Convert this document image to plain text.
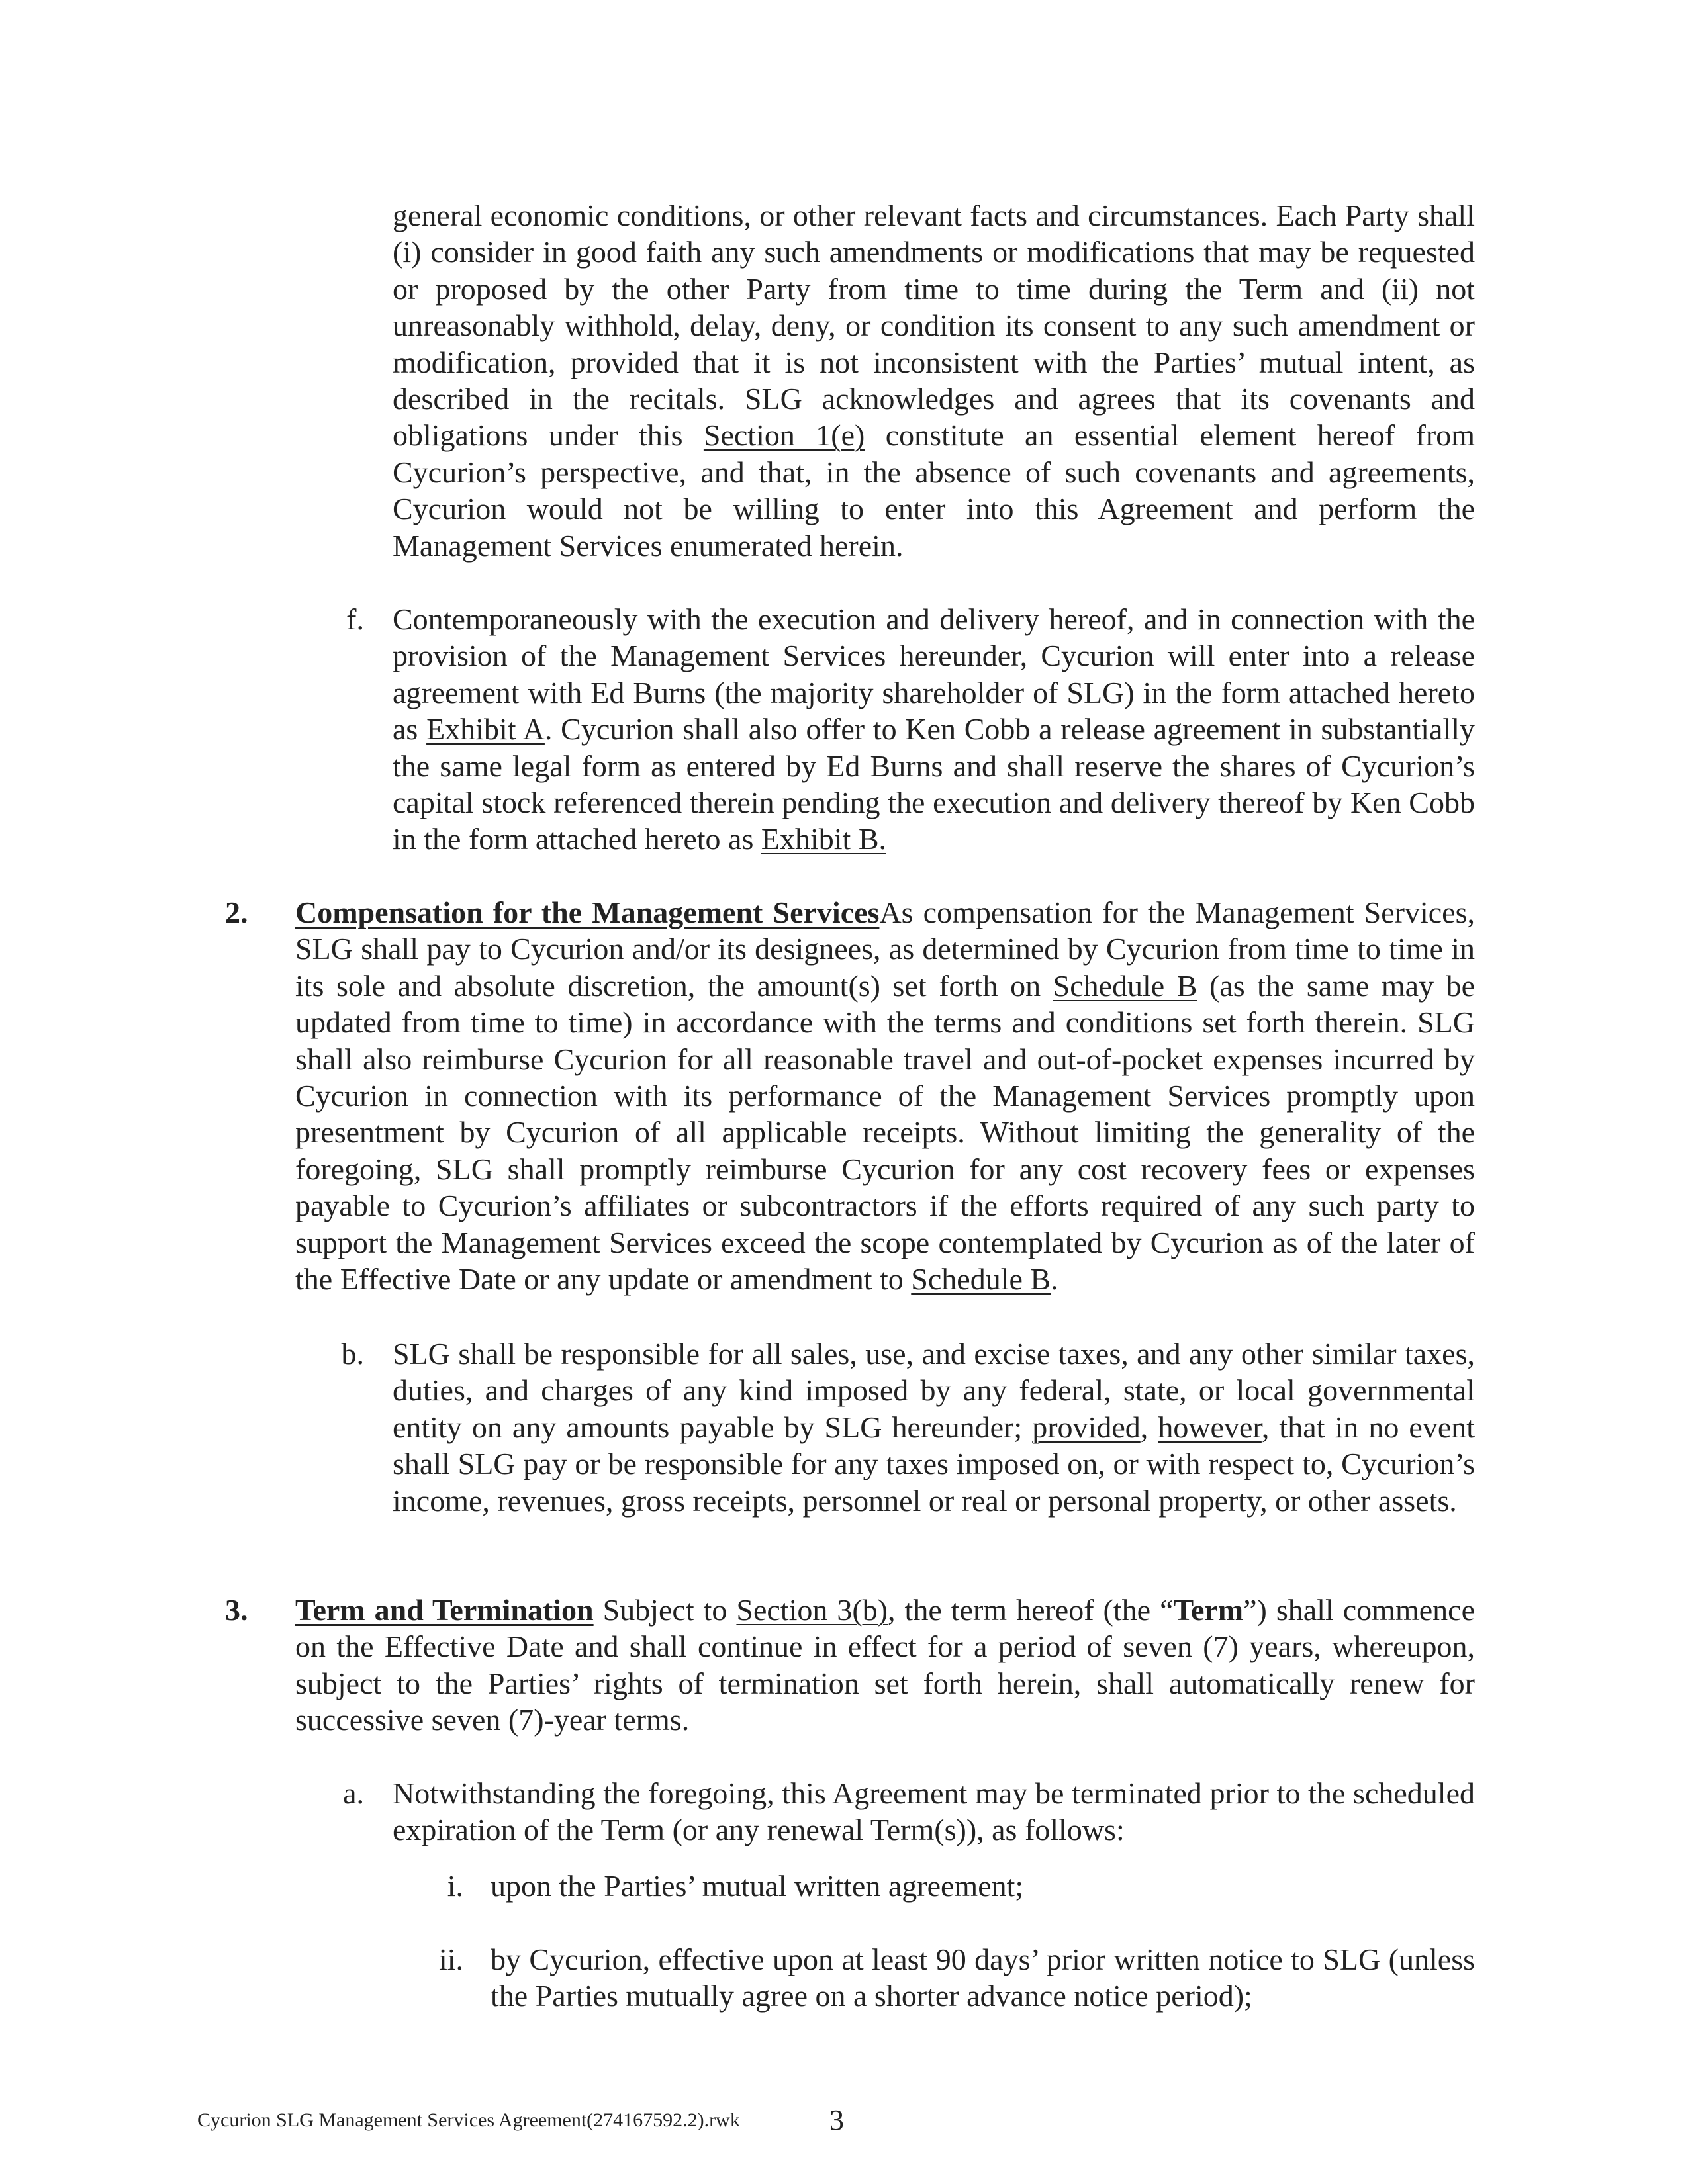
general economic conditions, or other relevant facts and circumstances. Each Party shall (i) consider in good faith any such amendments or modifications that may be requested or proposed by the other Party from time to time during the Term and (ii) not unreasonably withhold, delay, deny, or condition its consent to any such amendment or modification, provided that it is not inconsistent with the Parties’ mutual intent, as described in the recitals. SLG acknowledges and agrees that its covenants and obligations under this Section 1(e) constitute an essential element hereof from Cycurion’s perspective, and that, in the absence of such covenants and agreements, Cycurion would not be willing to enter into this Agreement and perform the Management Services enumerated herein.

f. Contemporaneously with the execution and delivery hereof, and in connection with the provision of the Management Services hereunder, Cycurion will enter into a release agreement with Ed Burns (the majority shareholder of SLG) in the form attached hereto as Exhibit A. Cycurion shall also offer to Ken Cobb a release agreement in substantially the same legal form as entered by Ed Burns and shall reserve the shares of Cycurion’s capital stock referenced therein pending the execution and delivery thereof by Ken Cobb in the form attached hereto as Exhibit B.

2.	Compensation for the Management ServicesAs compensation for the Management Services, SLG shall pay to Cycurion and/or its designees, as determined by Cycurion from time to time in its sole and absolute discretion, the amount(s) set forth on Schedule B (as the same may be updated from time to time) in accordance with the terms and conditions set forth therein. SLG shall also reimburse Cycurion for all reasonable travel and out-of-pocket expenses incurred by Cycurion in connection with its performance of the Management Services promptly upon presentment by Cycurion of all applicable receipts. Without limiting the generality of the foregoing, SLG shall promptly reimburse Cycurion for any cost recovery fees or expenses payable to Cycurion’s affiliates or subcontractors if the efforts required of any such party to support the Management Services exceed the scope contemplated by Cycurion as of the later of the Effective Date or any update or amendment to Schedule B.

b. SLG shall be responsible for all sales, use, and excise taxes, and any other similar taxes, duties, and charges of any kind imposed by any federal, state, or local governmental entity on any amounts payable by SLG hereunder; provided, however, that in no event shall SLG pay or be responsible for any taxes imposed on, or with respect to, Cycurion’s income, revenues, gross receipts, personnel or real or personal property, or other assets.

3.	Term and Termination Subject to Section 3(b), the term hereof (the “Term”) shall commence on the Effective Date and shall continue in effect for a period of seven (7) years, whereupon, subject to the Parties’ rights of termination set forth herein, shall automatically renew for successive seven (7)-year terms.

a. Notwithstanding the foregoing, this Agreement may be terminated prior to the scheduled expiration of the Term (or any renewal Term(s)), as follows:

i. upon the Parties’ mutual written agreement;

ii. by Cycurion, effective upon at least 90 days’ prior written notice to SLG (unless the Parties mutually agree on a shorter advance notice period);

Cycurion SLG Management Services Agreement(274167592.2).rwk	3
